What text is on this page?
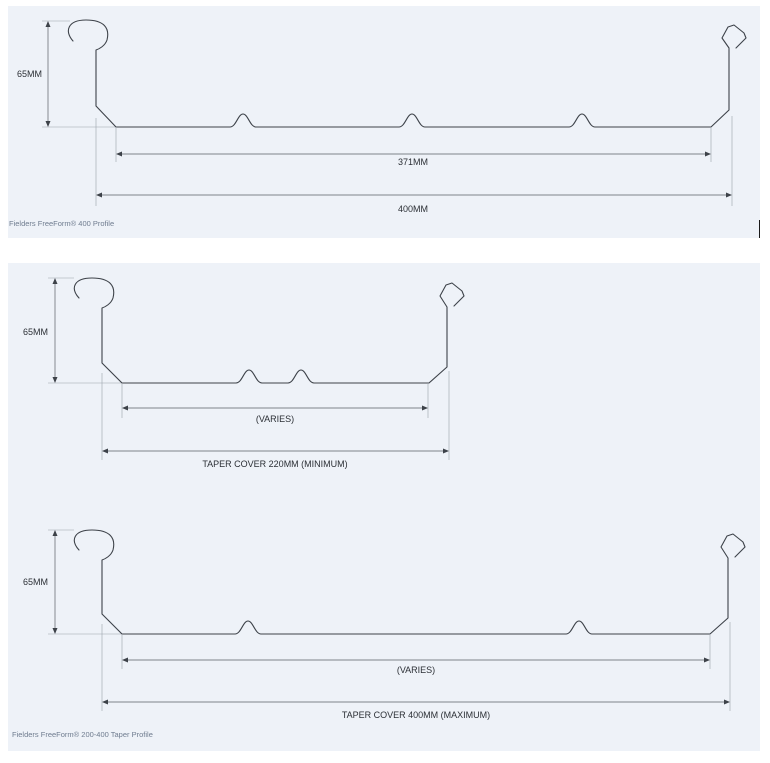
65MM
371MM
400MM
Fielders FreeForm® 400 Profile
65MM
(VARIES)
TAPER COVER 220MM (MINIMUM)
65MM
(VARIES)
TAPER COVER 400MM (MAXIMUM)
Fielders FreeForm® 200-400 Taper Profile
